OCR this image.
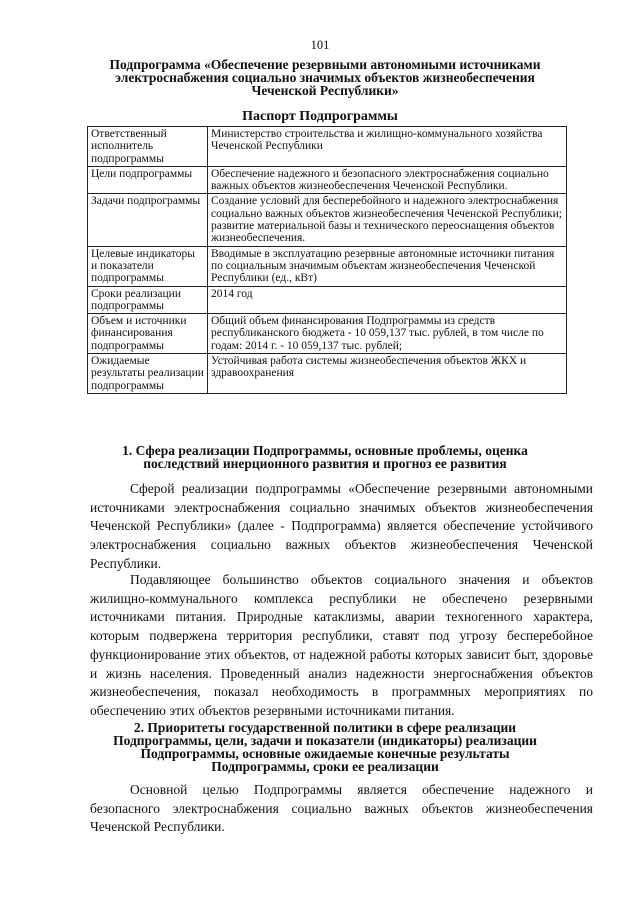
101
Подпрограмма «Обеспечение резервными автономными источниками электроснабжения социально значимых объектов жизнеобеспечения Чеченской Республики»
Паспорт Подпрограммы
Ответственный исполнитель подпрограммы	Министерство строительства и жилищно-коммунального хозяйства Чеченской Республики
Цели подпрограммы	Обеспечение надежного и безопасного электроснабжения социально важных объектов жизнеобеспечения Чеченской Республики.
Задачи подпрограммы	Создание условий для бесперебойного и надежного электроснабжения социально важных объектов жизнеобеспечения Чеченской Республики; развитие материальной базы и технического переоснащения объектов жизнеобеспечения.
Целевые индикаторы и показатели подпрограммы	Вводимые в эксплуатацию резервные автономные источники питания по социальным значимым объектам жизнеобеспечения Чеченской Республики (ед., кВт)
Сроки реализации подпрограммы	2014 год
Объем и источники финансирования подпрограммы	Общий объем финансирования Подпрограммы из средств республиканского бюджета - 10 059,137 тыс. рублей, в том числе по годам: 2014 г. - 10 059,137 тыс. рублей;
Ожидаемые результаты реализации подпрограммы	Устойчивая работа системы жизнеобеспечения объектов ЖКХ и здравоохранения
1. Сфера реализации Подпрограммы, основные проблемы, оценка последствий инерционного развития и прогноз ее развития

Сферой реализации подпрограммы «Обеспечение резервными автономными источниками электроснабжения социально значимых объектов жизнеобеспечения Чеченской Республики» (далее - Подпрограмма) является обеспечение устойчивого электроснабжения социально важных объектов жизнеобеспечения Чеченской Республики.

Подавляющее большинство объектов социального значения и объектов жилищно-коммунального комплекса республики не обеспечено резервными источниками питания. Природные катаклизмы, аварии техногенного характера, которым подвержена территория республики, ставят под угрозу бесперебойное функционирование этих объектов, от надежной работы которых зависит быт, здоровье и жизнь населения. Проведенный анализ надежности энергоснабжения объектов жизнеобеспечения, показал необходимость в программных мероприятиях по обеспечению этих объектов резервными источниками питания.

2. Приоритеты государственной политики в сфере реализации Подпрограммы, цели, задачи и показатели (индикаторы) реализации Подпрограммы, основные ожидаемые конечные результаты Подпрограммы, сроки ее реализации

Основной целью Подпрограммы является обеспечение надежного и безопасного электроснабжения социально важных объектов жизнеобеспечения Чеченской Республики.
